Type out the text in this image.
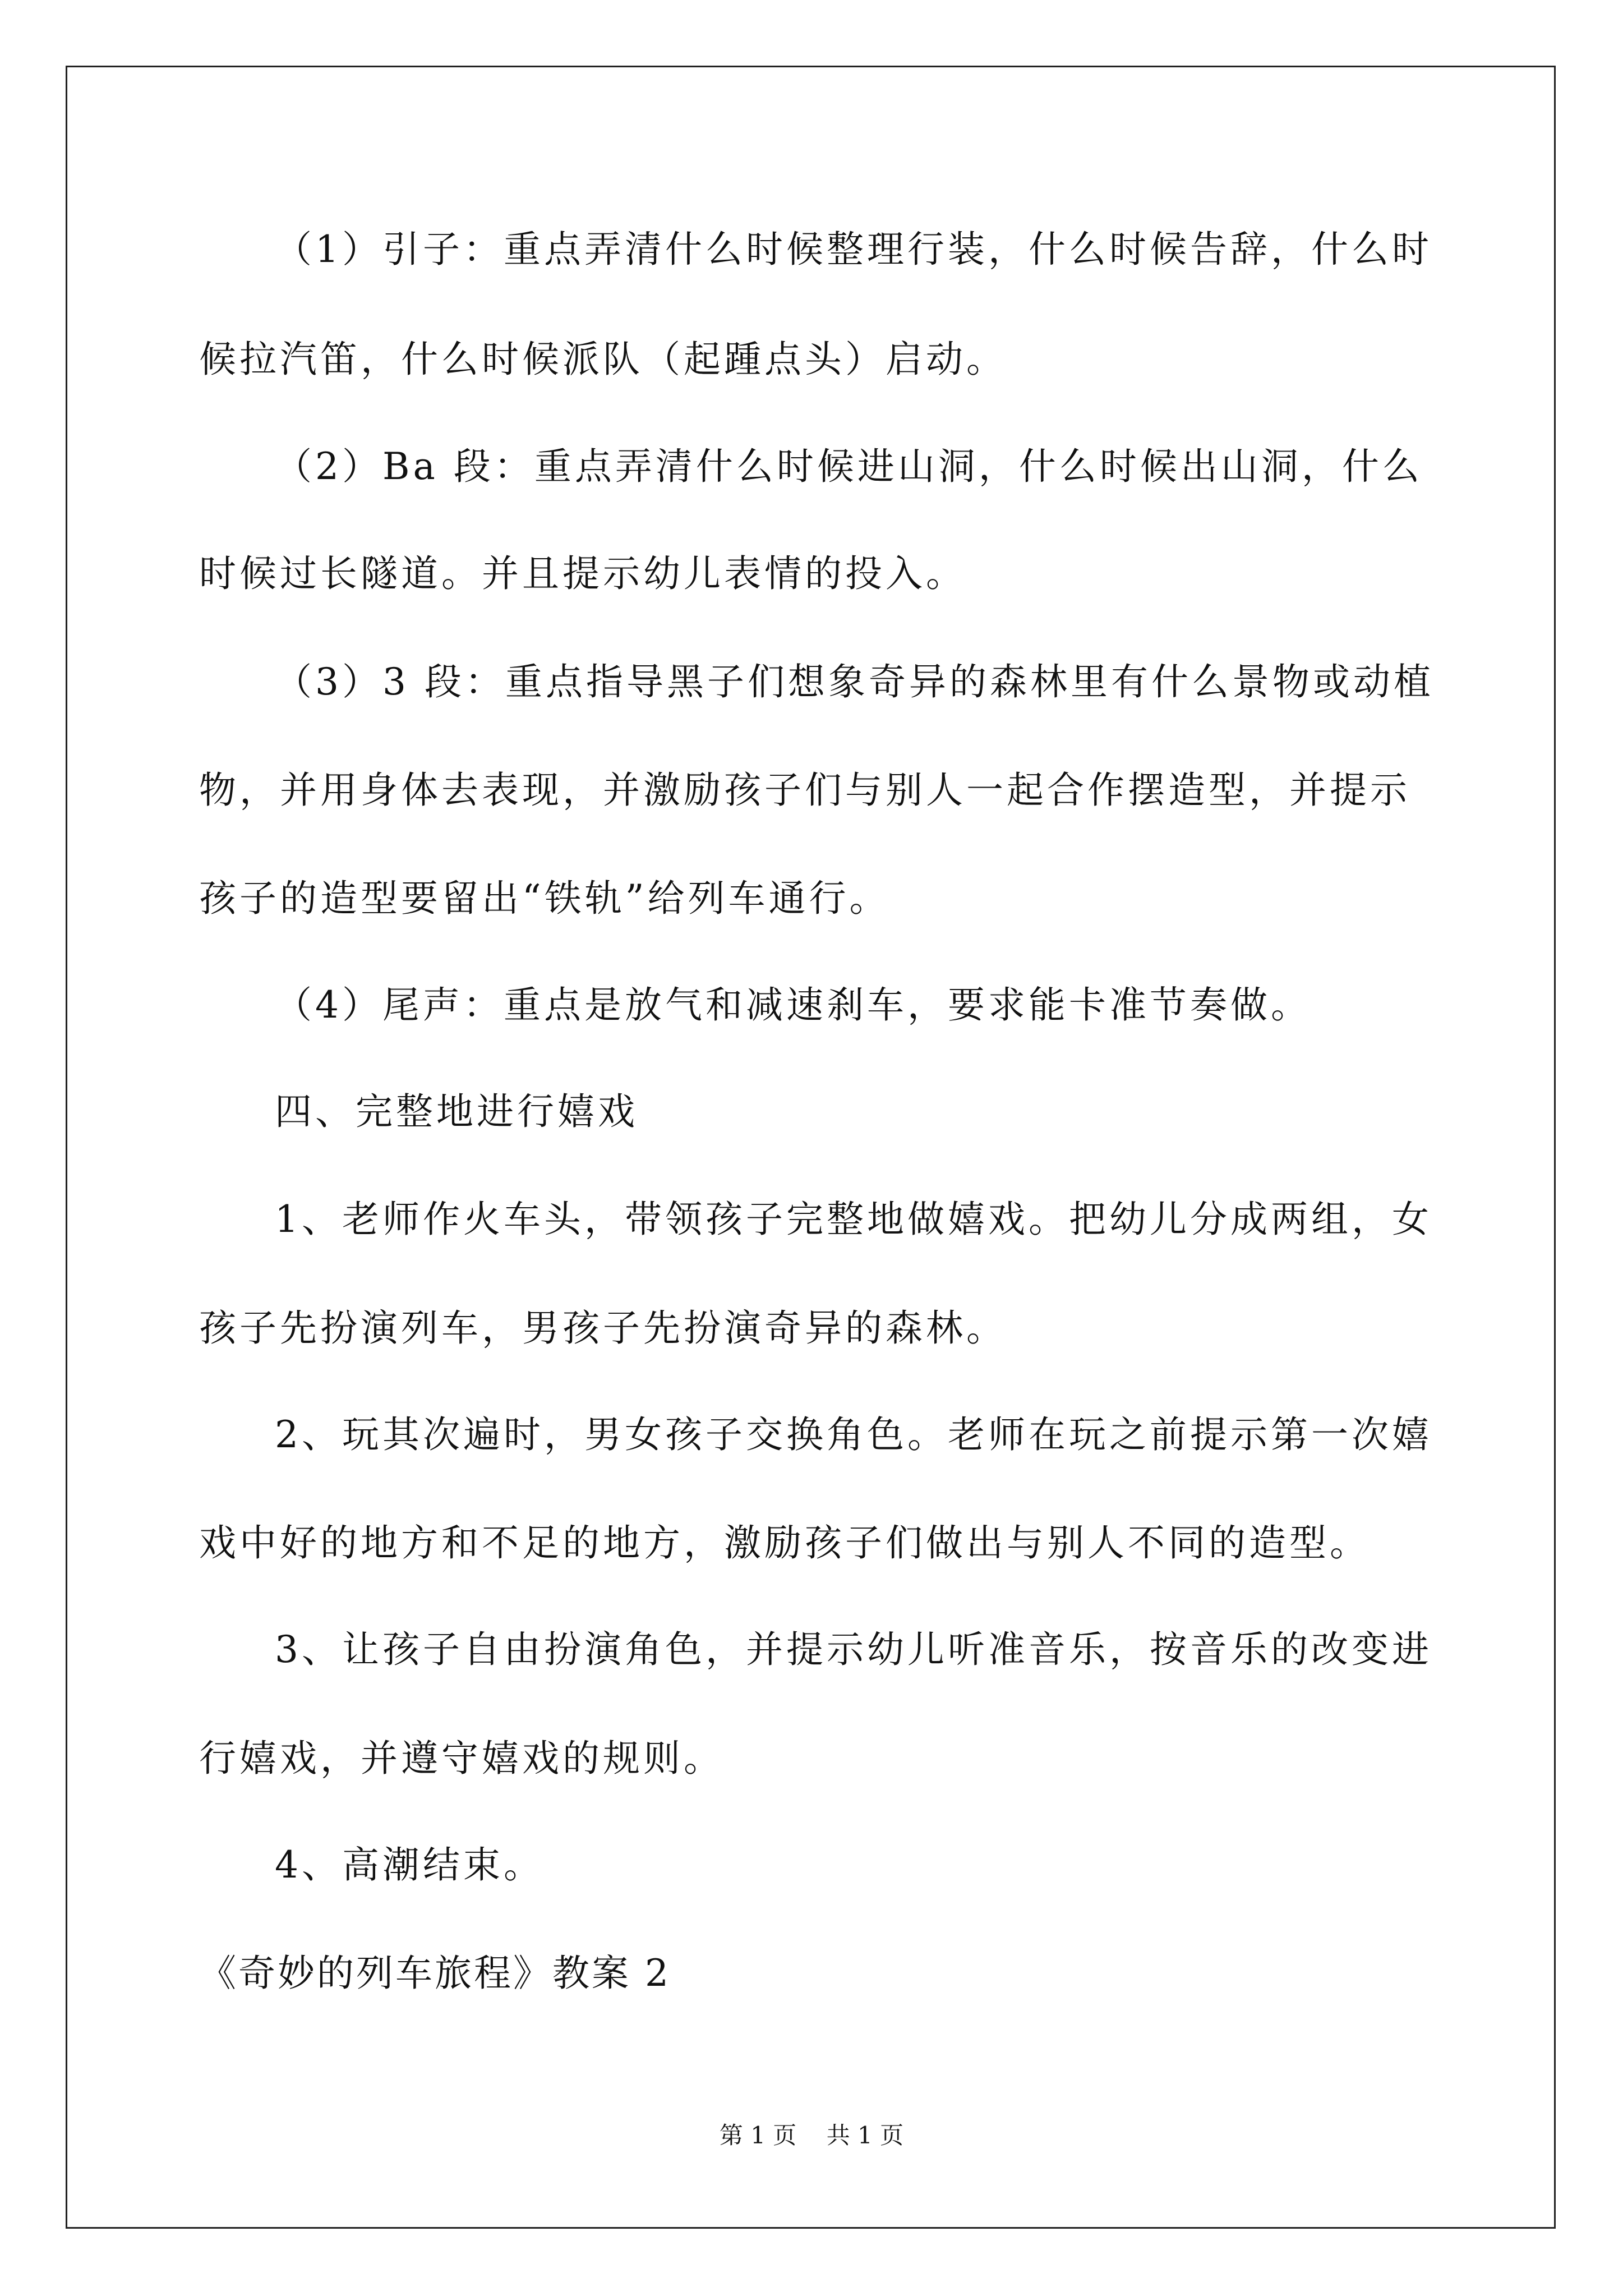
（1）引子：重点弄清什么时候整理行装，什么时候告辞，什么时
候拉汽笛，什么时候派队（起踵点头）启动。
（2）Ba 段：重点弄清什么时候进山洞，什么时候出山洞，什么
时候过长隧道。并且提示幼儿表情的投入。
（3）3 段：重点指导黑子们想象奇异的森林里有什么景物或动植
物，并用身体去表现，并激励孩子们与别人一起合作摆造型，并提示
孩子的造型要留出“铁轨”给列车通行。
（4）尾声：重点是放气和减速刹车，要求能卡准节奏做。
四、完整地进行嬉戏
1、老师作火车头，带领孩子完整地做嬉戏。把幼儿分成两组，女
孩子先扮演列车，男孩子先扮演奇异的森林。
2、玩其次遍时，男女孩子交换角色。老师在玩之前提示第一次嬉
戏中好的地方和不足的地方，激励孩子们做出与别人不同的造型。
3、让孩子自由扮演角色，并提示幼儿听准音乐，按音乐的改变进
行嬉戏，并遵守嬉戏的规则。
4、高潮结束。
《奇妙的列车旅程》教案 2
第 1 页    共 1 页
